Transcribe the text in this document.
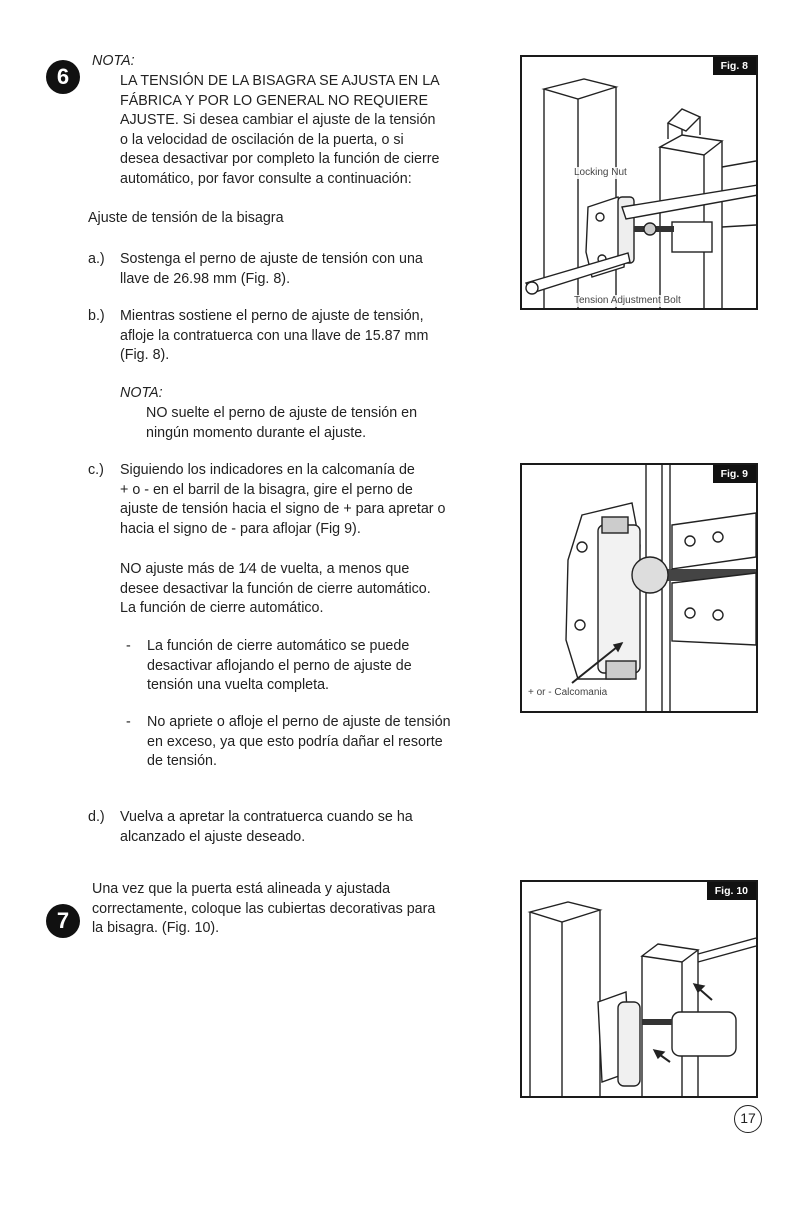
6
NOTA:
LA TENSIÓN DE LA BISAGRA SE AJUSTA EN LA
FÁBRICA Y POR LO GENERAL NO REQUIERE
AJUSTE. Si desea cambiar el ajuste de la tensión
o la velocidad de oscilación de la puerta, o si
desea desactivar por completo la función de cierre
automático, por favor consulte a continuación:
Ajuste de tensión de la bisagra
a.)	Sostenga el perno de ajuste de tensión con una
llave de 26.98 mm (Fig. 8).
b.)	Mientras sostiene el perno de ajuste de tensión,
afloje la contratuerca con una llave de 15.87 mm
(Fig. 8).
NOTA:
NO suelte el perno de ajuste de tensión en
ningún momento durante el ajuste.
c.)	Siguiendo los indicadores en la calcomanía de
+ o - en el barril de la bisagra, gire el perno de
ajuste de tensión hacia el signo de + para apretar o
hacia el signo de - para aflojar (Fig 9).
NO ajuste más de 1⁄4 de vuelta, a menos que
desee desactivar la función de cierre automático.
La función de cierre automático.
- La función de cierre automático se puede
desactivar aflojando el perno de ajuste de
tensión una vuelta completa.
- No apriete o afloje el perno de ajuste de tensión
en exceso, ya que esto podría dañar el resorte
de tensión.
d.)	Vuelva a apretar la contratuerca cuando se ha
alcanzado el ajuste deseado.
7
Una vez que la puerta está alineada y ajustada
correctamente, coloque las cubiertas decorativas para
la bisagra. (Fig. 10).
Fig. 8
Locking Nut
Tension Adjustment Bolt
Fig. 9
+ or - Calcomania
Fig. 10
17
